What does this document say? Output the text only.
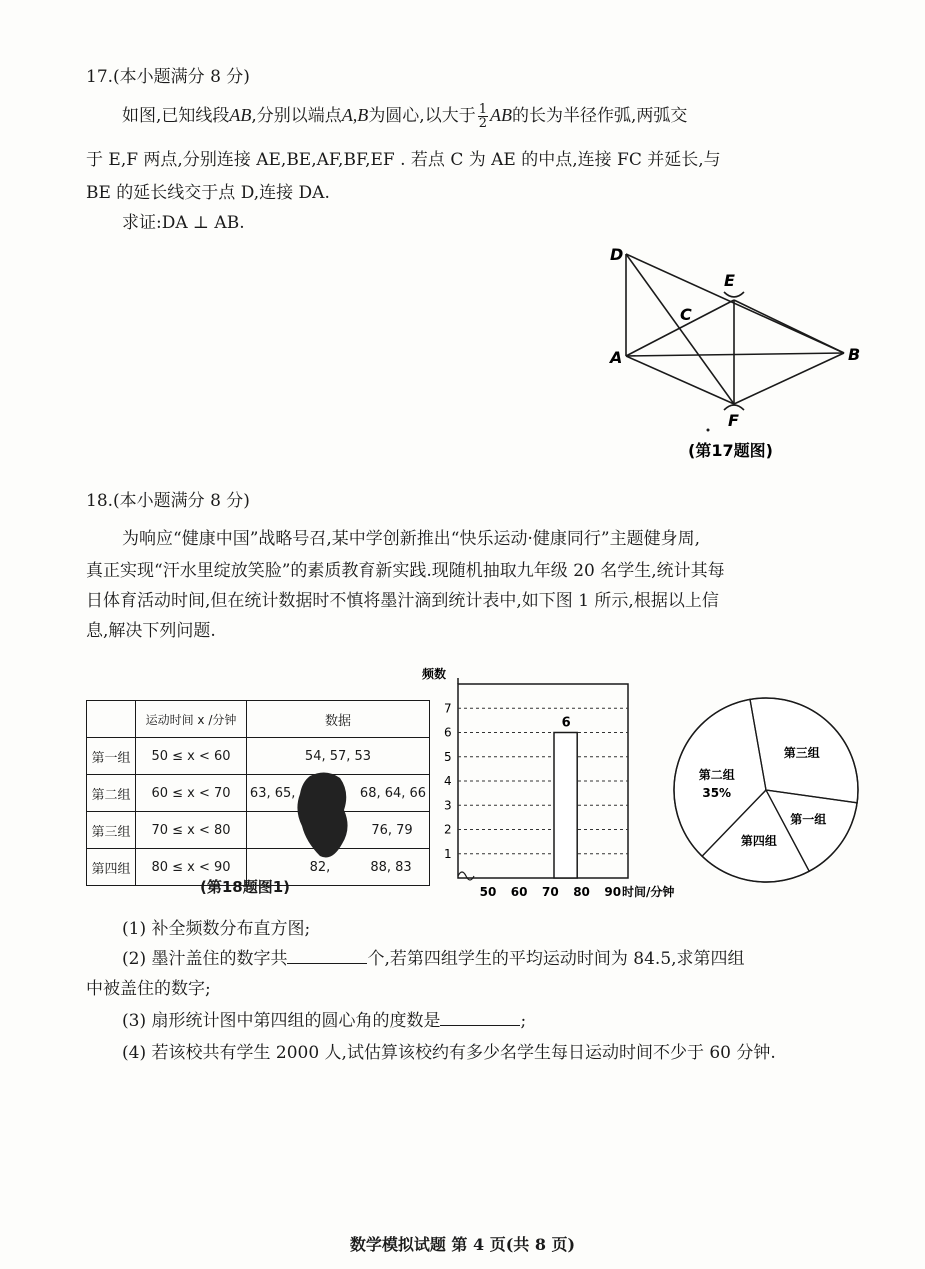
17.(本小题满分 8 分)
如图,已知线段AB,分别以端点A,B为圆心,以大于 $\frac{1}{2}$ AB的长为半径作弧,两弧交
于 E,F 两点,分别连接 AE,BE,AF,BF,EF . 若点 C 为 AE 的中点,连接 FC 并延长,与
BE 的延长线交于点 D,连接 DA.
求证:DA ⊥ AB.
D
E
C
A	B
F
(第17题图)
18.(本小题满分 8 分)
为响应“健康中国”战略号召,某中学创新推出“快乐运动·健康同行”主题健身周,
真正实现“汗水里绽放笑脸”的素质教育新实践.现随机抽取九年级 20 名学生,统计其每
日体育活动时间,但在统计数据时不慎将墨汁滴到统计表中,如下图 1 所示,根据以上信
息,解决下列问题.
	运动时间 x /分钟	数据
第一组	50 ≤ x < 60	54, 57, 53
第二组	60 ≤ x < 70	63, 65, 68, 64, 66
第三组	70 ≤ x < 80	76, 79
第四组	80 ≤ x < 90	82, 88, 83
(第18题图1)
频数
1
2
3
4
5
6
7
50 60 70 80 90 时间/分钟
6
第一组
第四组
第二组
35%
第三组
(1) 补全频数分布直方图;
(2) 墨汁盖住的数字共	个,若第四组学生的平均运动时间为 84.5,求第四组
中被盖住的数字;
(3) 扇形统计图中第四组的圆心角的度数是	;
(4) 若该校共有学生 2000 人,试估算该校约有多少名学生每日运动时间不少于 60 分钟.
数学模拟试题 第 4 页(共 8 页)
